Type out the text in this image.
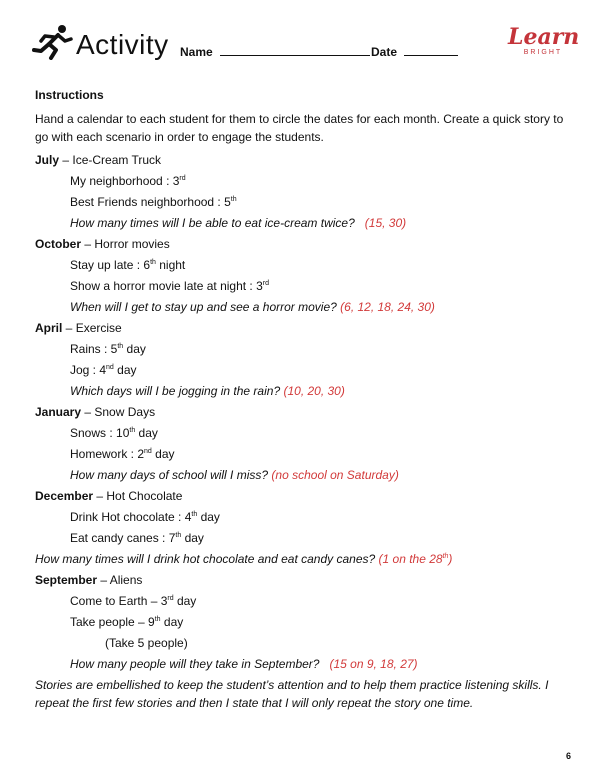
Activity Name	Date
Learn
BRIGHT
Instructions
Hand a calendar to each student for them to circle the dates for each month. Create a quick story to go with each scenario in order to engage the students.
July – Ice-Cream Truck
My neighborhood : 3rd
Best Friends neighborhood : 5th
How many times will I be able to eat ice-cream twice? (15, 30)
October – Horror movies
Stay up late : 6th night
Show a horror movie late at night : 3rd
When will I get to stay up and see a horror movie? (6, 12, 18, 24, 30)
April – Exercise
Rains : 5th day
Jog : 4nd day
Which days will I be jogging in the rain? (10, 20, 30)
January – Snow Days
Snows : 10th day
Homework : 2nd day
How many days of school will I miss? (no school on Saturday)
December – Hot Chocolate
Drink Hot chocolate : 4th day
Eat candy canes : 7th day
How many times will I drink hot chocolate and eat candy canes? (1 on the 28th)
September – Aliens
Come to Earth – 3rd day
Take people – 9th day
(Take 5 people)
How many people will they take in September? (15 on 9, 18, 27)
Stories are embellished to keep the student’s attention and to help them practice listening skills. I repeat the first few stories and then I state that I will only repeat the story one time.
6
